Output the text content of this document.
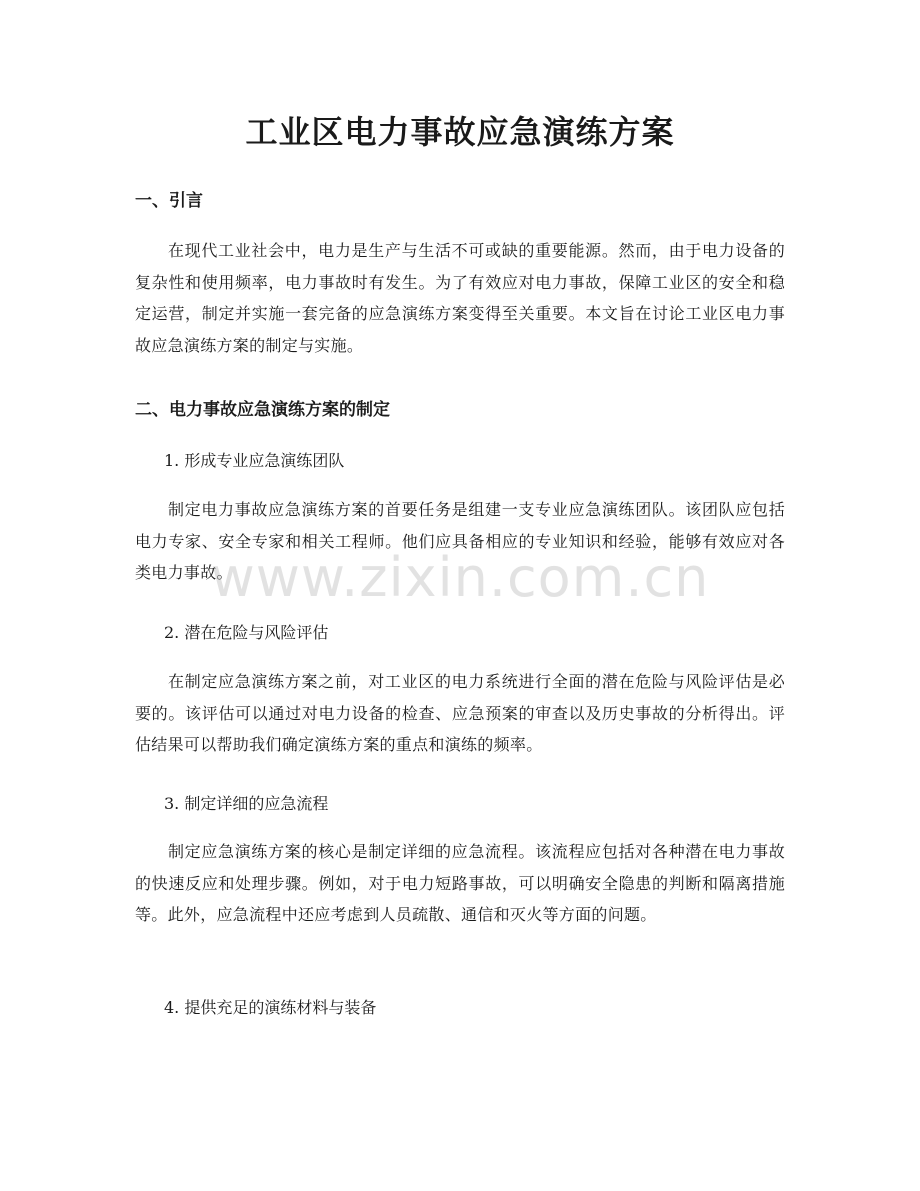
工业区电力事故应急演练方案
一、引言

在现代工业社会中，电力是生产与生活不可或缺的重要能源。然而，由于电力设备的复杂性和使用频率，电力事故时有发生。为了有效应对电力事故，保障工业区的安全和稳定运营，制定并实施一套完备的应急演练方案变得至关重要。本文旨在讨论工业区电力事故应急演练方案的制定与实施。

二、电力事故应急演练方案的制定

1. 形成专业应急演练团队

制定电力事故应急演练方案的首要任务是组建一支专业应急演练团队。该团队应包括电力专家、安全专家和相关工程师。他们应具备相应的专业知识和经验，能够有效应对各类电力事故。

2. 潜在危险与风险评估

在制定应急演练方案之前，对工业区的电力系统进行全面的潜在危险与风险评估是必要的。该评估可以通过对电力设备的检查、应急预案的审查以及历史事故的分析得出。评估结果可以帮助我们确定演练方案的重点和演练的频率。

3. 制定详细的应急流程

制定应急演练方案的核心是制定详细的应急流程。该流程应包括对各种潜在电力事故的快速反应和处理步骤。例如，对于电力短路事故，可以明确安全隐患的判断和隔离措施等。此外，应急流程中还应考虑到人员疏散、通信和灭火等方面的问题。

4. 提供充足的演练材料与装备

www.zixin.com.cn
